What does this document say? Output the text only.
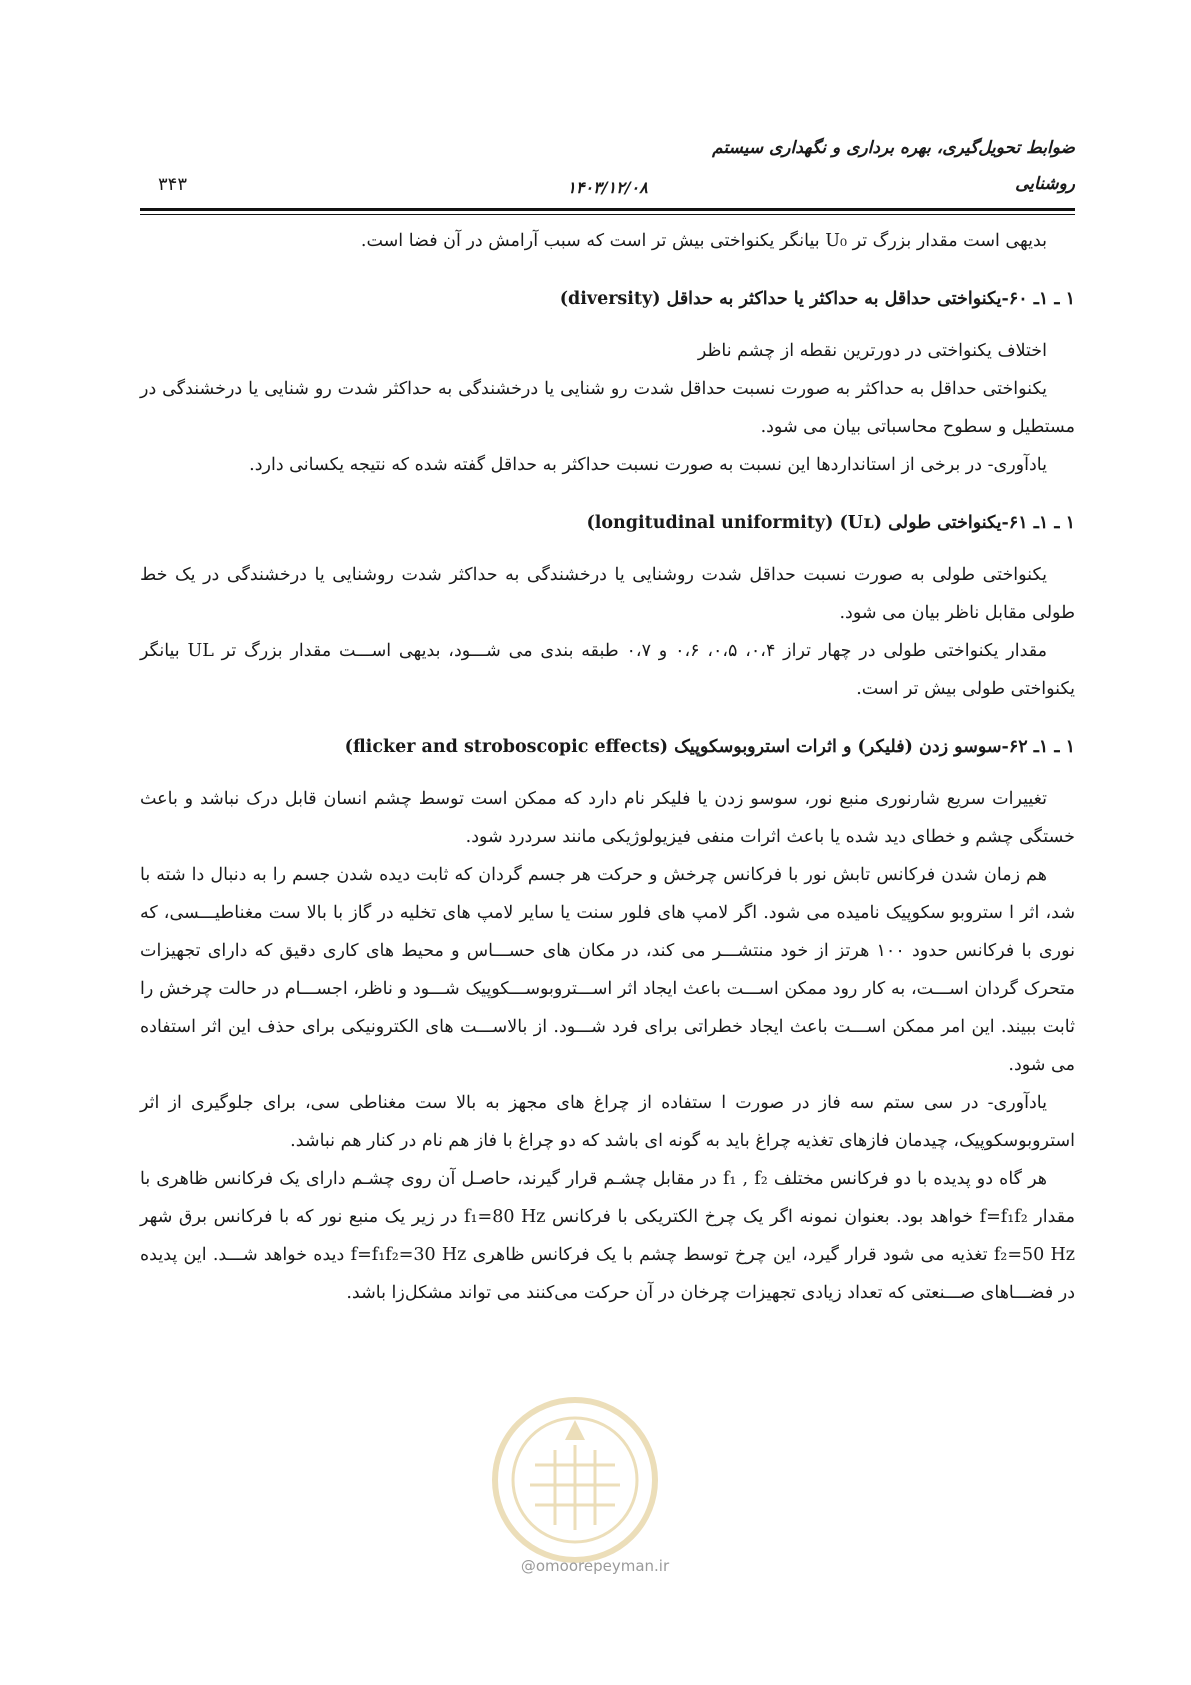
ضوابط تحویل‌گیری، بهره برداری و نگهداری سیستم
روشنایی
۱۴۰۳/۱۲/۰۸
۳۴۳

بدیهی است مقدار بزرگ تر U₀ بیانگر یکنواختی بیش تر است که سبب آرامش در آن فضا است.

۱ ـ ۱ـ ۶۰-یکنواختی حداقل به حداکثر یا حداکثر به حداقل (diversity)

اختلاف یکنواختی در دورترین نقطه از چشم ناظر

یکنواختی حداقل به حداکثر به صورت نسبت حداقل شدت رو شنایی یا درخشندگی به حداکثر شدت رو شنایی یا درخشندگی در مستطیل و سطوح محاسباتی بیان می شود.

یادآوری- در برخی از استانداردها این نسبت به صورت نسبت حداکثر به حداقل گفته شده که نتیجه یکسانی دارد.

۱ ـ ۱ـ ۶۱-یکنواختی طولی (Uʟ) (longitudinal uniformity)

یکنواختی طولی به صورت نسبت حداقل شدت روشنایی یا درخشندگی به حداکثر شدت روشنایی یا درخشندگی در یک خط طولی مقابل ناظر بیان می شود.

مقدار یکنواختی طولی در چهار تراز ۰،۴، ۰،۵، ۰،۶ و ۰،۷ طبقه بندی می شـــود، بدیهی اســـت مقدار بزرگ تر UL بیانگر یکنواختی طولی بیش تر است.

۱ ـ ۱ـ ۶۲-سوسو زدن (فلیکر) و اثرات استروبوسکوپیک (flicker and stroboscopic effects)

تغییرات سریع شارنوری منبع نور، سوسو زدن یا فلیکر نام دارد که ممکن است توسط چشم انسان قابل درک نباشد و باعث خستگی چشم و خطای دید شده یا باعث اثرات منفی فیزیولوژیکی مانند سردرد شود.

هم زمان شدن فرکانس تابش نور با فرکانس چرخش و حرکت هر جسم گردان که ثابت دیده شدن جسم را به دنبال دا شته با شد، اثر ا ستروبو سکوپیک نامیده می شود. اگر لامپ های فلور سنت یا سایر لامپ های تخلیه در گاز با بالا ست مغناطیـــسی، که نوری با فرکانس حدود ۱۰۰ هرتز از خود منتشـــر می کند، در مکان های حســـاس و محیط های کاری دقیق که دارای تجهیزات متحرک گردان اســـت، به کار رود ممکن اســـت باعث ایجاد اثر اســـتروبوســـکوپیک شـــود و ناظر، اجســـام در حالت چرخش را ثابت ببیند. این امر ممکن اســـت باعث ایجاد خطراتی برای فرد شـــود. از بالاســـت های الکترونیکی برای حذف این اثر استفاده می شود.

یادآوری- در سی ستم سه فاز در صورت ا ستفاده از چراغ های مجهز به بالا ست مغناطی سی، برای جلوگیری از اثر استروبوسکوپیک، چیدمان فازهای تغذیه چراغ باید به گونه ای باشد که دو چراغ با فاز هم نام در کنار هم نباشد.

هر گاه دو پدیده با دو فرکانس مختلف f₁ , f₂ در مقابل چشـم قرار گیرند، حاصـل آن روی چشـم دارای یک فرکانس ظاهری با مقدار f=f₁f₂ خواهد بود. بعنوان نمونه اگر یک چرخ الکتریکی با فرکانس f₁=80 Hz در زیر یک منبع نور که با فرکانس برق شهر f₂=50 Hz تغذیه می شود قرار گیرد، این چرخ توسط چشم با یک فرکانس ظاهری f=f₁f₂=30 Hz دیده خواهد شـــد. این پدیده در فضـــاهای صـــنعتی که تعداد زیادی تجهیزات چرخان در آن حرکت می‌کنند می تواند مشکل‌زا باشد.

@omoorepeyman.ir
